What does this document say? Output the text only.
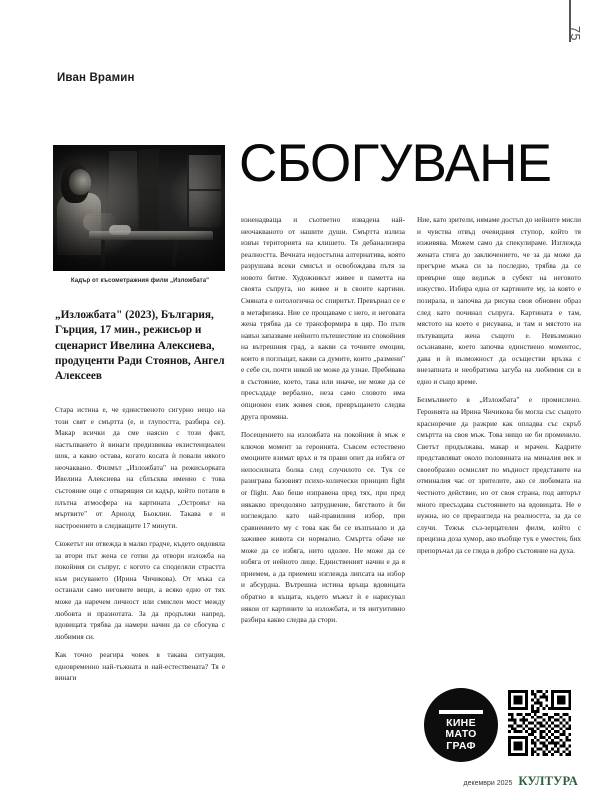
75
Иван Врамин
СБОГУВАНЕ
Кадър от късометражния филм „Изложбата"
„Изложбата" (2023), България, Гърция, 17 мин., режисьор и сценарист Ивелина Алексиева, продуценти Ради Стоянов, Ангел Алексеев

Стара истина е, че единственото сигурно нещо на този свят е смъртта (е, и глупостта, разбира се). Макар всички да сме наясно с този факт, настъпването ѝ винаги предизвиква екзистенциален шок, а какво остава, когато косата ѝ повали някого неочаквано. Филмът „Изложбата" на режисьорката Ивелина Алексиева на сблъсква именно с това състояние още с отварящия си кадър, който потапя в плътна атмосфера на картината „Островът на мъртвите" от Арнолд Бьоклин. Такава е и настроението в следващите 17 минути.

Сюжетът ни отвежда в малко градче, където овдовяла за втори път жена се готви да отвори изложба на покойния си съпруг, с когото са споделяли страстта към рисуването (Ирина Чичикова). От мъка са останали само неговите вещи, а всяко едно от тях може да наречем личност или смислен мост между любовта и празнотата. За да продължи напред, вдовицата трябва да намери начин да се сбогува с любимия си.

Как точно реагира човек в такава ситуация, едновременно най-тъжната и най-естествената? Тя е винаги

изненадваща и съответно извадена най-неочакваното от нашите души. Смъртта излиза извън територията на клишето. Тя дебанализира реалността. Вечната недостъпна алтернатива, която разрушава всеки смисъл и освобождава пътя за новото битие. Художникът живее в паметта на своята съпруга, но живее и в своите картини. Смяната е онтологична ос спиритът. Превърнал се е в метафизика. Ние се прощаваме с него, и неговата жена трябва да се трансформира в цяр. По пътя навън запазваме нейното пътешествие из спокойния на вътрешния град, а какви са точните емоции, които я поглъщат, какви са думите, които „размени" е себе си, почти никой не може да узнае. Пребивава в състояние, което, така или иначе, не може да се пресъздаде вербално, неза само словото има опционен език живея своя, превръщането следва друга промяна.

Посещението на изложбата на покойния ѝ мъж е ключов момент за героинята. Съвсем естествено емоциите взимат връх и тя прави опит да избяга от непосилната болка след случилото се. Тук се разиграва базовият психо-холически принцип fight or flight. Ако беше изправена пред тях, при пред някакво преодоляно затруднение, бягството ѝ би изглеждало като най-правилния избор, при сравнението му с това как би се възпънало и да заживее живота си нормално. Смъртта обаче не може да се избяга, нито одолее. Не може да се избяга от нейното лице. Единственият начин е да я приемем, а да приемеш изглежда липсата на избор и абсурдна. Вътрешна истина връща вдовицата обратно в къщата, където мъжът ѝ е нарисувал някои от картините за изложбата, и тя интуитивно разбира какво следва да стори.

Ние, като зрители, нямаме достъп до нейните мисли и чувства отвъд очевидния ступор, който тя изживява. Можем само да спекулираме. Изглежда женaта стига до заключението, че за да може да прегърне мъжа си за последно, трябва да се превърне още веднъж в субект на неговото изкуство. Избира една от картините му, за която е позирала, и започва да рисува своя обновен образ след като починал съпруга. Картината е там, мястото на което е рисувана, и там и мястото на пътуващата жена същото е. Невъзможно осъзнаване, което започва единствено моментос, дава и ѝ възможност да осъществи връзка с внезапната и необратима загуба на любимия си в едно и също време.

Безмълвието в „Изложбата" е промислено. Героинята на Ирина Чичикова би могла със същото красноречие да разкрие как опладва със скръб смъртта на своя мъж. Това нищо не би променило. Светът продължава, макар и мрачен. Кадрите представляват около половината на миналия век и своеобразно осмислят по мъдност представите на отминалия час от зрителите, ако се любимата на честното действие, но от своя страна, под авторът много пресъздава състоянието на вдовицата. Не е нужна, но се преразгледа на реалността, за да се случи. Тежък съз-зерцателен филм, който с прецизна доза хумор, ако въобще тук е уместен, бих препоръчал да се гледа в добро състояние на духа.

КИНЕ
МАТО
ГРАФ
декември 2025 КУЛТУРА
